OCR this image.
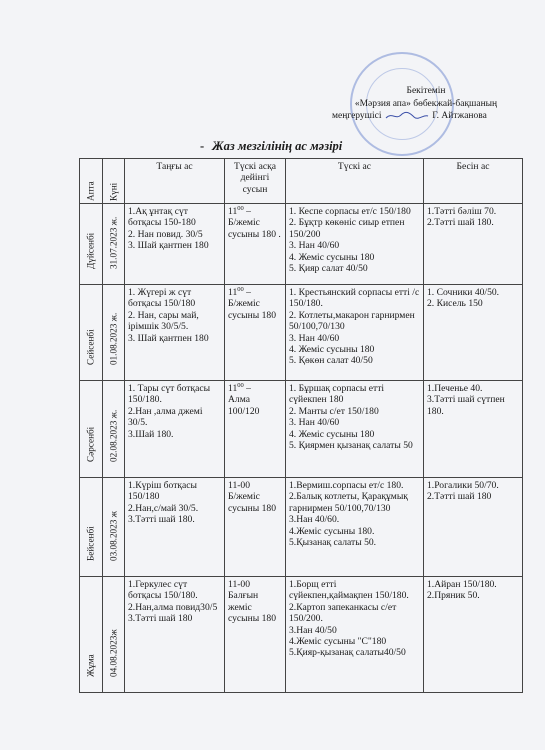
Бекітемін
«Мәрзия апа» бөбекжай-бақшаның
меңгерушісі	Г. Айтжанова
- Жаз мезгілінің ас мәзірі
Апта	Күні	Таңғы ас	Түскі асқа дейінгі сусын	Түскі ас	Бесін ас

Дүйсенбі	31.07.2023 ж.	1.Ақ ұнтақ сүт ботқасы 150-180
2. Нан повид. 30/5
3. Шай қантпен 180	$11^{00}$ –
Б/жеміс сусыны 180 .	1. Кеспе сорпасы ет/с 150/180
2. Бұқтр көкөніс сиыр етпен 150/200
3. Нан 40/60
4. Жеміс сусыны 180
5. Қияр салат 40/50	1.Тәтті бәліш 70.
2.Тәтті шай 180.

Сейсенбі	01.08.2023 ж.	1. Жүгері ж сүт ботқасы 150/180
2. Нан, сары май, ірімшік 30/5/5.
3. Шай қантпен 180	$11^{00}$ –
Б/жеміс сусыны 180	1. Крестьянский сорпасы етті /с 150/180.
2. Котлеты,макарон гарнирмен 50/100,70/130
3. Нан 40/60
4. Жеміс сусыны 180
5. Қөкөн салат 40/50	1. Сочники 40/50.
2. Кисель 150

Сәрсенбі	02.08.2023 ж.	1. Тары сүт ботқасы 150/180.
2.Нан ,алма джемі 30/5.
3.Шай 180.	$11^{00}$ –
Алма 100/120	1. Бұршақ сорпасы етті сүйекпен 180
2. Манты с/ет 150/180
3. Нан 40/60
4. Жеміс сусыны 180
5. Қиярмен қызанақ салаты 50	1.Печенье 40.
3.Тәтті шай сүтпен 180.

Бейсенбі	03.08.2023 ж	1.Күріш ботқасы 150/180
2.Нан,с/май 30/5.
3.Тәтті шай 180.	11-00
Б/жеміс сусыны 180	1.Вермиш.сорпасы ет/с 180.
2.Балық котлеты, Қарақұмық гарнирмен 50/100,70/130
3.Нан 40/60.
4.Жеміс сусыны 180.
5.Қызанақ салаты 50.	1.Рогалики 50/70.
2.Тәтті шай 180

Жұма	04.08.2023ж	1.Геркулес сүт ботқасы 150/180.
2.Нан,алма повид30/5
3.Тәтті шай 180	11-00
Балғын жеміс сусыны 180	1.Борщ етті сүйекпен,қаймақпен 150/180.
2.Картоп запеканкасы с/ет 150/200.
3.Нан 40/50
4.Жеміс сусыны "С"180
5.Қияр-қызанақ салаты40/50	1.Айран 150/180.
2.Пряник 50.
